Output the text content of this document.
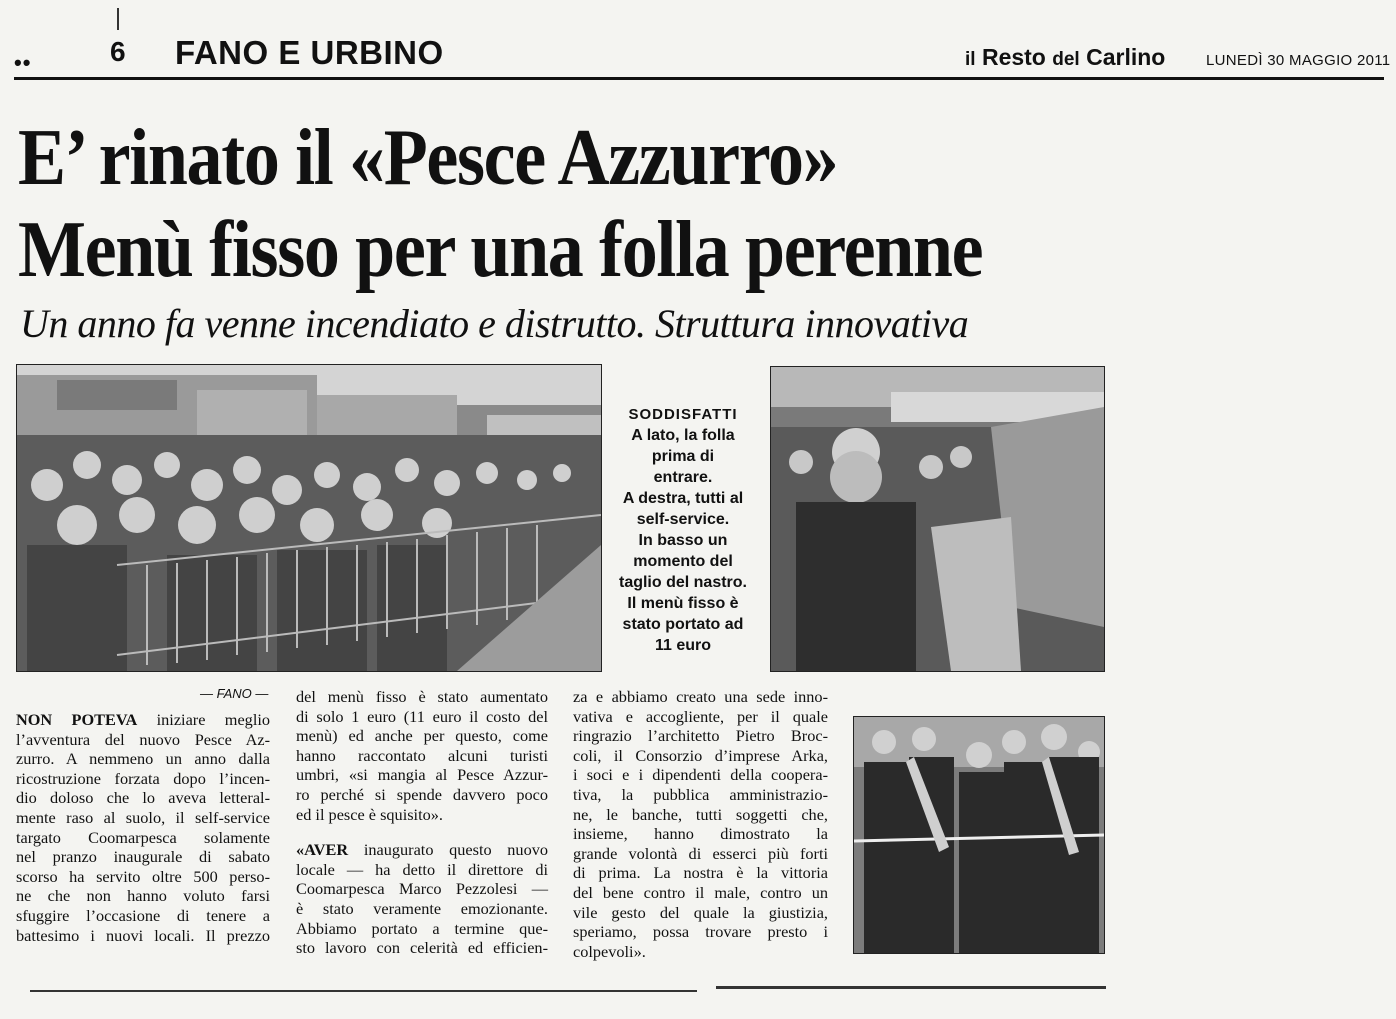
••	6 FANO E URBINO	il Resto del Carlino	LUNEDÌ 30 MAGGIO 2011
E’ rinato il «Pesce Azzurro»
Menù fisso per una folla perenne
Un anno fa venne incendiato e distrutto. Struttura innovativa
SODDISFATTI
A lato, la folla
prima di
entrare.
A destra, tutti al
self-service.
In basso un
momento del
taglio del nastro.
Il menù fisso è
stato portato ad
11 euro
— FANO —
NON POTEVA iniziare meglio
l’avventura del nuovo Pesce Az-
zurro. A nemmeno un anno dalla
ricostruzione forzata dopo l’incen-
dio doloso che lo aveva letteral-
mente raso al suolo, il self-service
targato Coomarpesca solamente
nel pranzo inaugurale di sabato
scorso ha servito oltre 500 perso-
ne che non hanno voluto farsi
sfuggire l’occasione di tenere a
battesimo i nuovi locali. Il prezzo
del menù fisso è stato aumentato
di solo 1 euro (11 euro il costo del
menù) ed anche per questo, come
hanno raccontato alcuni turisti
umbri, «si mangia al Pesce Azzur-
ro perché si spende davvero poco
ed il pesce è squisito».
«AVER inaugurato questo nuovo
locale — ha detto il direttore di
Coomarpesca Marco Pezzolesi —
è stato veramente emozionante.
Abbiamo portato a termine que-
sto lavoro con celerità ed efficien-
za e abbiamo creato una sede inno-
vativa e accogliente, per il quale
ringrazio l’architetto Pietro Broc-
coli, il Consorzio d’imprese Arka,
i soci e i dipendenti della coopera-
tiva, la pubblica amministrazio-
ne, le banche, tutti soggetti che,
insieme, hanno dimostrato la
grande volontà di esserci più forti
di prima. La nostra è la vittoria
del bene contro il male, contro un
vile gesto del quale la giustizia,
speriamo, possa trovare presto i
colpevoli».
